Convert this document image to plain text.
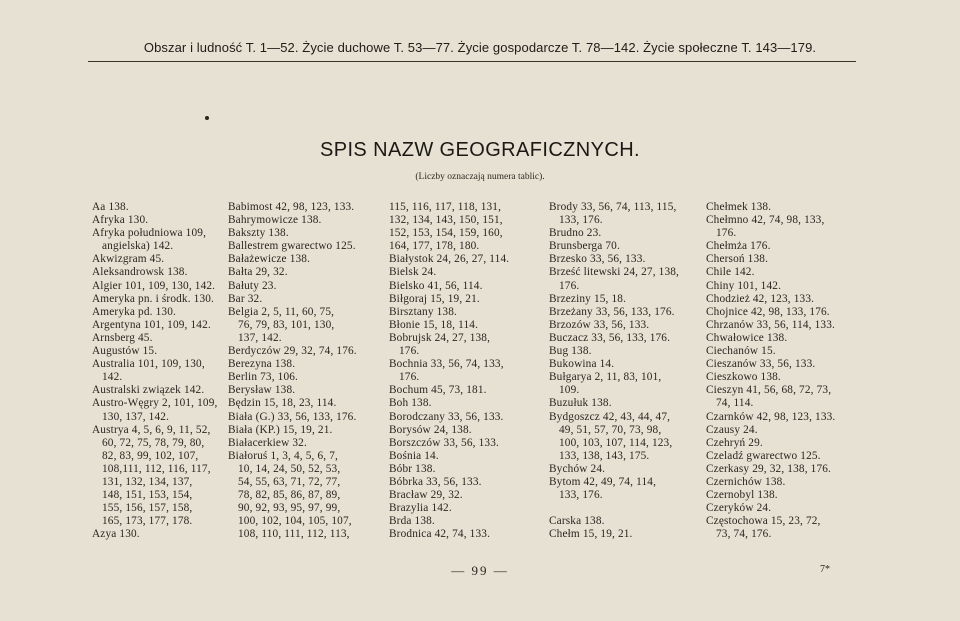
Obszar i ludność T. 1—52. Życie duchowe T. 53—77. Życie gospodarcze T. 78—142. Życie społeczne T. 143—179.
SPIS NAZW GEOGRAFICZNYCH.
(Liczby oznaczają numera tablic).
Aa 138.
Afryka 130.
Afryka południowa 109,
angielska) 142.
Akwizgram 45.
Aleksandrowsk 138.
Algier 101, 109, 130, 142.
Ameryka pn. i środk. 130.
Ameryka pd. 130.
Argentyna 101, 109, 142.
Arnsberg 45.
Augustów 15.
Australia 101, 109, 130,
142.
Australski związek 142.
Austro-Węgry 2, 101, 109,
130, 137, 142.
Austrya 4, 5, 6, 9, 11, 52,
60, 72, 75, 78, 79, 80,
82, 83, 99, 102, 107,
108,111, 112, 116, 117,
131, 132, 134, 137,
148, 151, 153, 154,
155, 156, 157, 158,
165, 173, 177, 178.
Azya 130.
Babimost 42, 98, 123, 133.
Bahrymowicze 138.
Bakszty 138.
Ballestrem gwarectwo 125.
Bałażewicze 138.
Bałta 29, 32.
Bałuty 23.
Bar 32.
Belgia 2, 5, 11, 60, 75,
76, 79, 83, 101, 130,
137, 142.
Berdyczów 29, 32, 74, 176.
Berezyna 138.
Berlin 73, 106.
Berysław 138.
Będzin 15, 18, 23, 114.
Biała (G.) 33, 56, 133, 176.
Biała (KP.) 15, 19, 21.
Białacerkiew 32.
Białoruś 1, 3, 4, 5, 6, 7,
10, 14, 24, 50, 52, 53,
54, 55, 63, 71, 72, 77,
78, 82, 85, 86, 87, 89,
90, 92, 93, 95, 97, 99,
100, 102, 104, 105, 107,
108, 110, 111, 112, 113,
115, 116, 117, 118, 131,
132, 134, 143, 150, 151,
152, 153, 154, 159, 160,
164, 177, 178, 180.
Białystok 24, 26, 27, 114.
Bielsk 24.
Bielsko 41, 56, 114.
Biłgoraj 15, 19, 21.
Birsztany 138.
Błonie 15, 18, 114.
Bobrujsk 24, 27, 138,
176.
Bochnia 33, 56, 74, 133,
176.
Bochum 45, 73, 181.
Boh 138.
Borodczany 33, 56, 133.
Borysów 24, 138.
Borszczów 33, 56, 133.
Bośnia 14.
Bóbr 138.
Bóbrka 33, 56, 133.
Bracław 29, 32.
Brazylia 142.
Brda 138.
Brodnica 42, 74, 133.
Brody 33, 56, 74, 113, 115,
133, 176.
Brudno 23.
Brunsberga 70.
Brzesko 33, 56, 133.
Brześć litewski 24, 27, 138,
176.
Brzeziny 15, 18.
Brzeżany 33, 56, 133, 176.
Brzozów 33, 56, 133.
Buczacz 33, 56, 133, 176.
Bug 138.
Bukowina 14.
Bułgarya 2, 11, 83, 101,
109.
Buzułuk 138.
Bydgoszcz 42, 43, 44, 47,
49, 51, 57, 70, 73, 98,
100, 103, 107, 114, 123,
133, 138, 143, 175.
Bychów 24.
Bytom 42, 49, 74, 114,
133, 176.

Carska 138.
Chełm 15, 19, 21.
Chełmek 138.
Chełmno 42, 74, 98, 133,
176.
Chełmża 176.
Chersoń 138.
Chile 142.
Chiny 101, 142.
Chodzież 42, 123, 133.
Chojnice 42, 98, 133, 176.
Chrzanów 33, 56, 114, 133.
Chwałowice 138.
Ciechanów 15.
Cieszanów 33, 56, 133.
Cieszkowo 138.
Cieszyn 41, 56, 68, 72, 73,
74, 114.
Czarnków 42, 98, 123, 133.
Czausy 24.
Czehryń 29.
Czeladź gwarectwo 125.
Czerkasy 29, 32, 138, 176.
Czernichów 138.
Czernobyl 138.
Czeryków 24.
Częstochowa 15, 23, 72,
73, 74, 176.
— 99 —	7*
